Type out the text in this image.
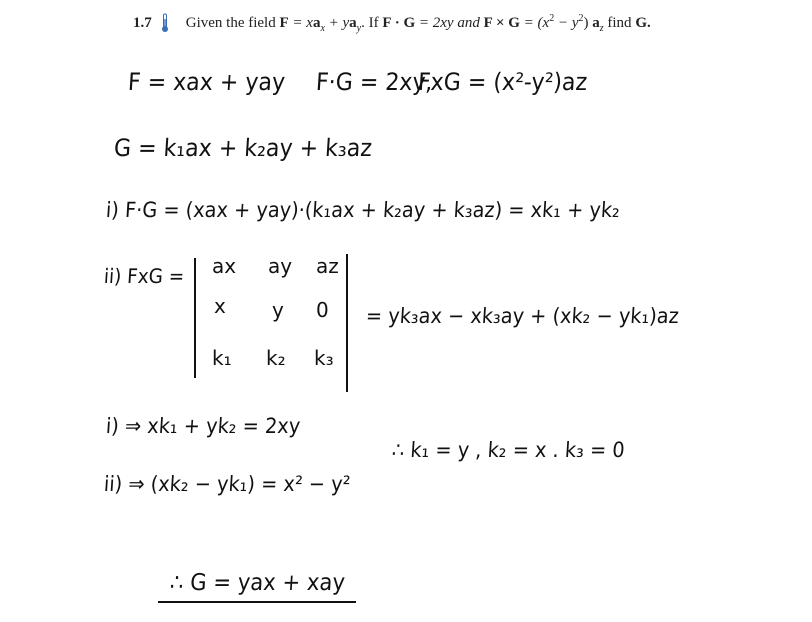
1.7 Given the field $F = xa_x + ya_y$. If F · G = 2xy and $F \times G = (x^2 - y^2)$ $a_z$ find G.
F = xax + yay F·G = 2xy,
FxG = (x²-y²)az
G = k₁ax + k₂ay + k₃az
i) F·G = (xax + yay)·(k₁ax + k₂ay + k₃az) = xk₁ + yk₂
ii) FxG = ax ay az
x y 0
k₁ k₂ k₃
= yk₃ax − xk₃ay + (xk₂ − yk₁)az
i) ⇒ xk₁ + yk₂ = 2xy
∴ k₁ = y , k₂ = x . k₃ = 0
ii) ⇒ (xk₂ − yk₁) = x² − y²
∴ G = yax + xay
